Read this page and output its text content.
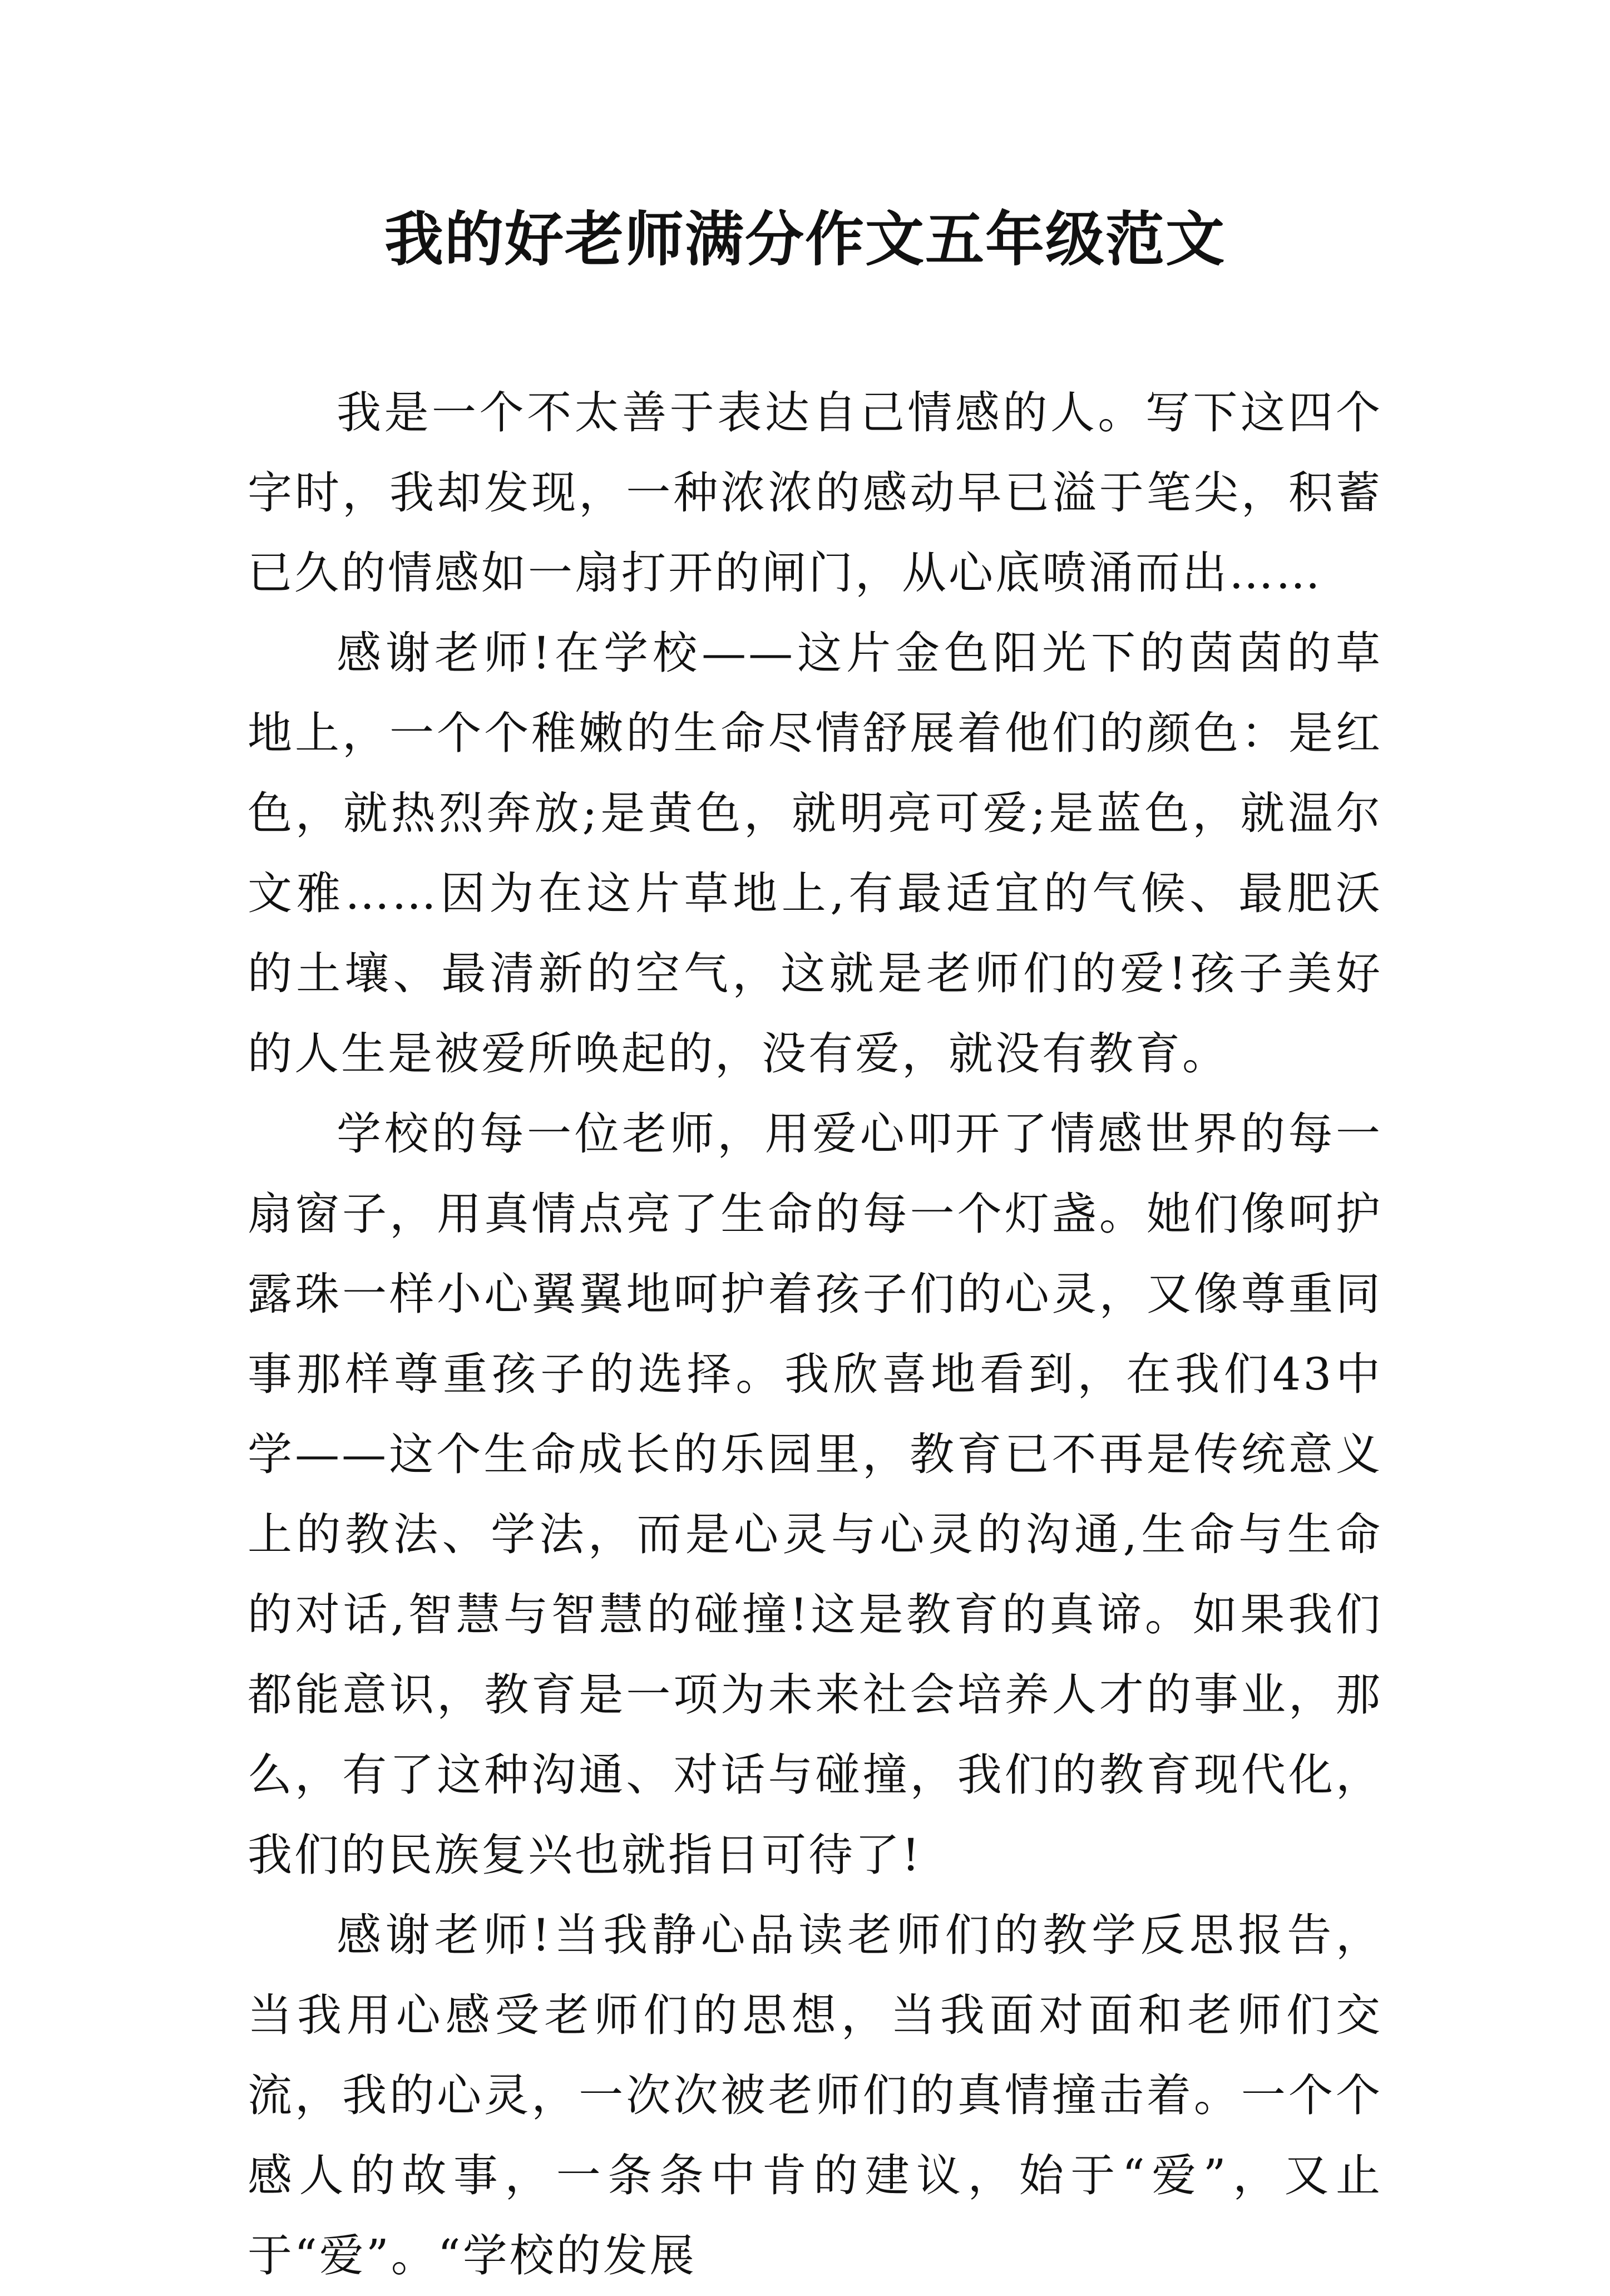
我的好老师满分作文五年级范文

我是一个不太善于表达自己情感的人。写下这四个字时，我却发现，一种浓浓的感动早已溢于笔尖，积蓄已久的情感如一扇打开的闸门，从心底喷涌而出……

感谢老师!在学校——这片金色阳光下的茵茵的草地上，一个个稚嫩的生命尽情舒展着他们的颜色：是红色，就热烈奔放;是黄色，就明亮可爱;是蓝色，就温尔文雅……因为在这片草地上,有最适宜的气候、最肥沃的土壤、最清新的空气，这就是老师们的爱!孩子美好的人生是被爱所唤起的，没有爱，就没有教育。

学校的每一位老师，用爱心叩开了情感世界的每一扇窗子，用真情点亮了生命的每一个灯盏。她们像呵护露珠一样小心翼翼地呵护着孩子们的心灵，又像尊重同事那样尊重孩子的选择。我欣喜地看到，在我们43中学——这个生命成长的乐园里，教育已不再是传统意义上的教法、学法，而是心灵与心灵的沟通,生命与生命的对话,智慧与智慧的碰撞!这是教育的真谛。如果我们都能意识，教育是一项为未来社会培养人才的事业，那么，有了这种沟通、对话与碰撞，我们的教育现代化，我们的民族复兴也就指日可待了!

感谢老师!当我静心品读老师们的教学反思报告，当我用心感受老师们的思想，当我面对面和老师们交流，我的心灵，一次次被老师们的真情撞击着。一个个感人的故事，一条条中肯的建议，始于“爱”，又止于“爱”。“学校的发展
